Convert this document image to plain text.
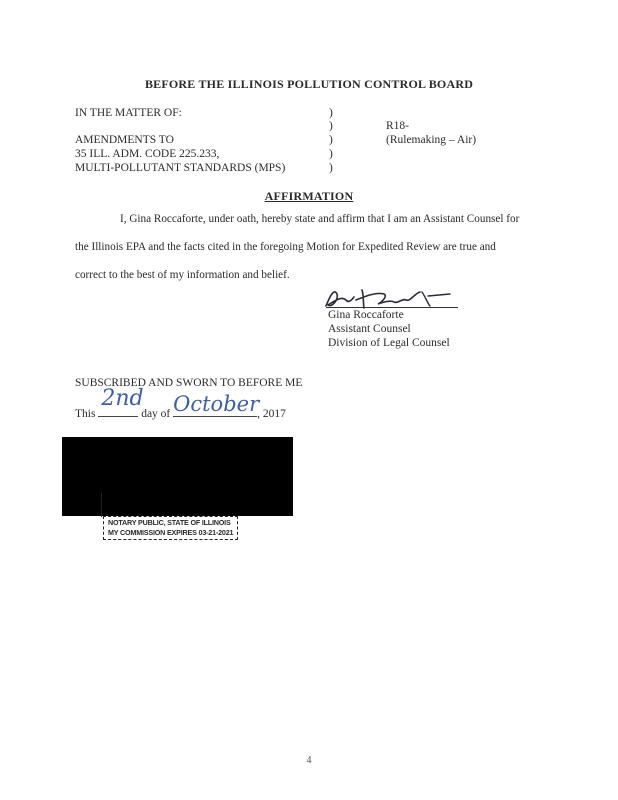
BEFORE THE ILLINOIS POLLUTION CONTROL BOARD
IN THE MATTER OF:
AMENDMENTS TO
35 ILL. ADM. CODE 225.233,
MULTI-POLLUTANT STANDARDS (MPS)
)
)
)
)
)
R18-
(Rulemaking – Air)
AFFIRMATION
I, Gina Roccaforte, under oath, hereby state and affirm that I am an Assistant Counsel for
the Illinois EPA and the facts cited in the foregoing Motion for Expedited Review are true and
correct to the best of my information and belief.
Gina Roccaforte
Assistant Counsel
Division of Legal Counsel
SUBSCRIBED AND SWORN TO BEFORE ME
This
2nd
day of October
, 2017
NOTARY PUBLIC, STATE OF ILLINOIS
MY COMMISSION EXPIRES 03-21-2021
4
